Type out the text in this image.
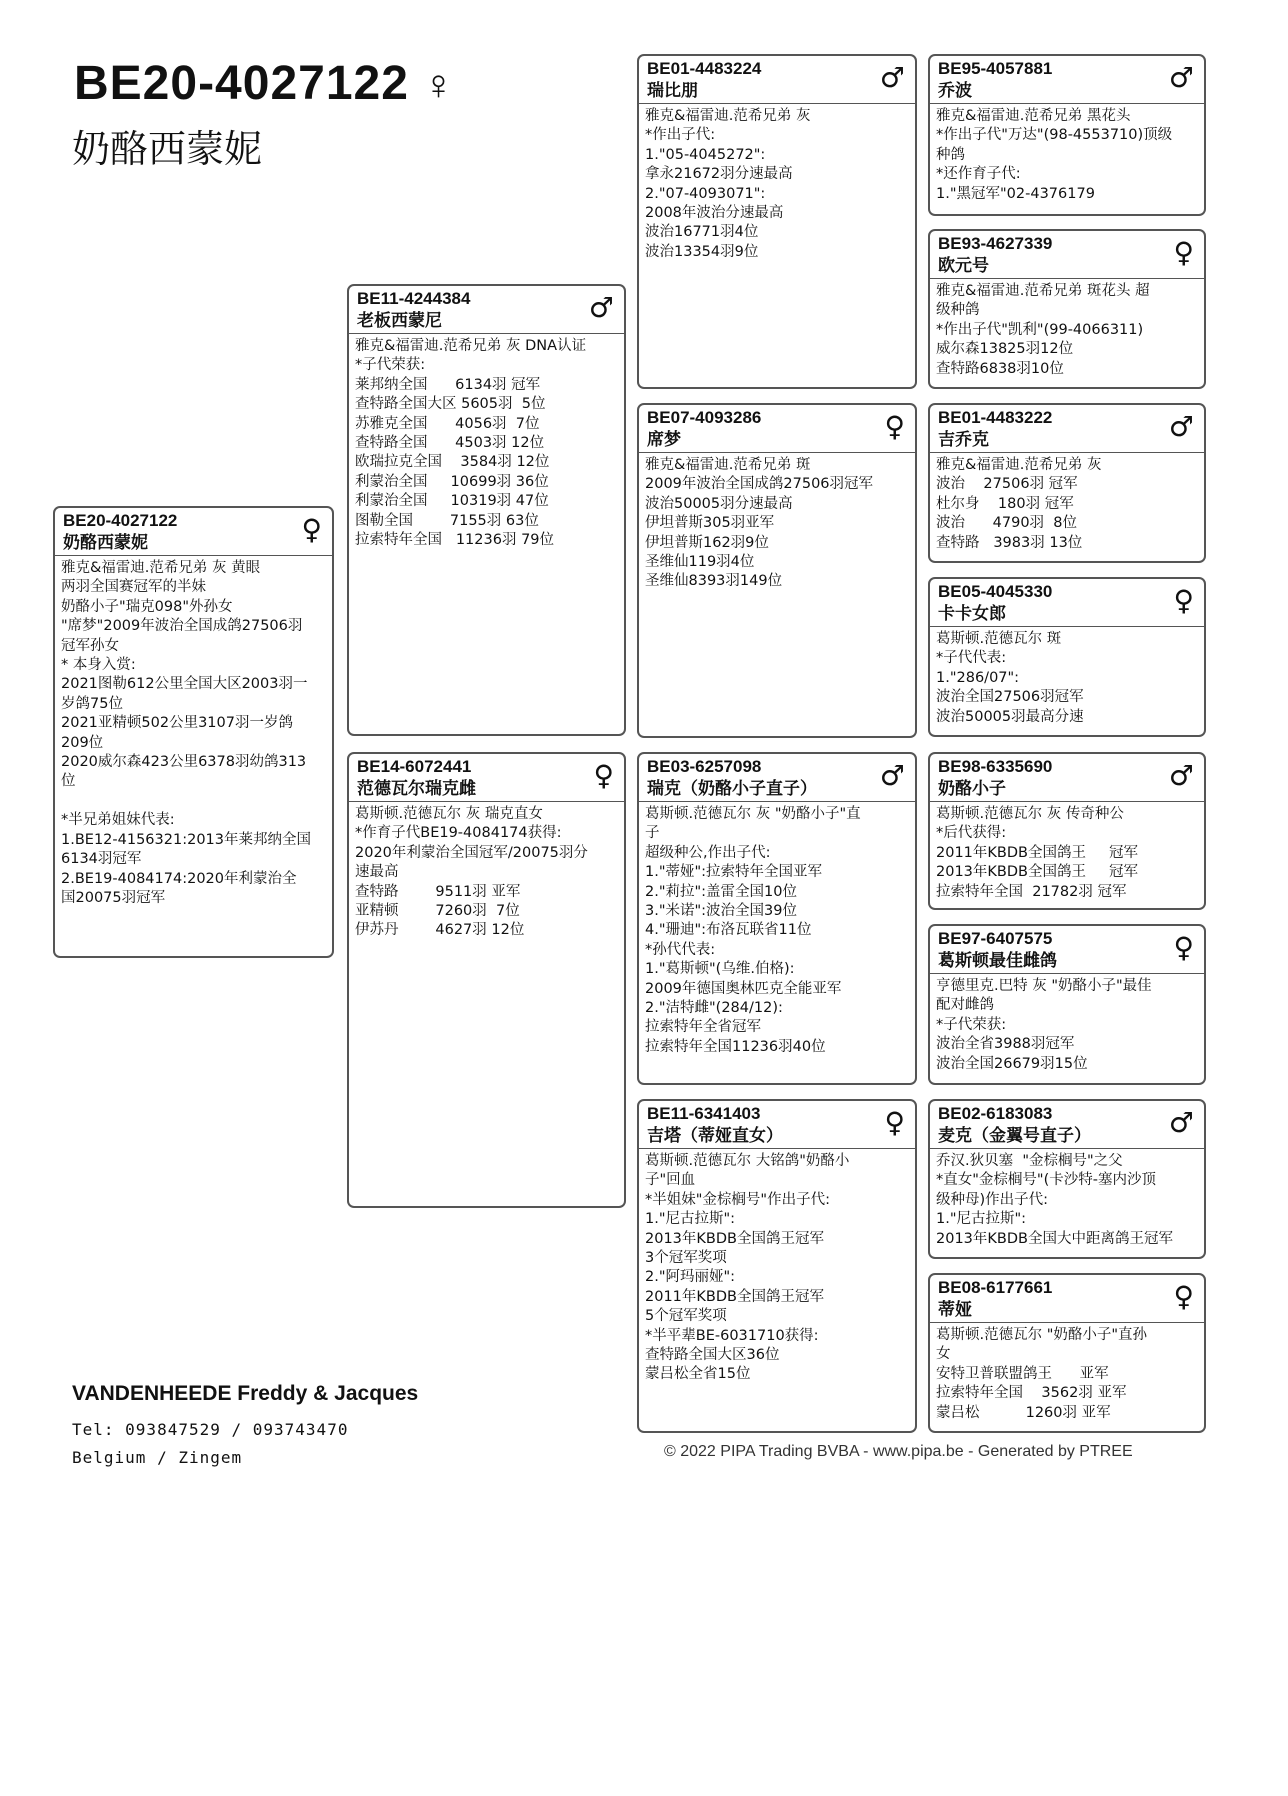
BE20-4027122 ♀
奶酪西蒙妮
BE20-4027122
奶酪西蒙妮	♀
雅克&福雷迪.范希兄弟 灰 黄眼
两羽全国赛冠军的半妹
奶酪小子"瑞克098"外孙女
"席梦"2009年波治全国成鸽27506羽
冠军孙女
* 本身入赏:
2021图勒612公里全国大区2003羽一
岁鸽75位
2021亚精顿502公里3107羽一岁鸽
209位
2020威尔森423公里6378羽幼鸽313
位

*半兄弟姐妹代表:
1.BE12-4156321:2013年莱邦纳全国
6134羽冠军
2.BE19-4084174:2020年利蒙治全
国20075羽冠军
BE11-4244384
老板西蒙尼	♂
雅克&福雷迪.范希兄弟 灰 DNA认证
*子代荣获:
莱邦纳全国      6134羽 冠军
查特路全国大区 5605羽  5位
苏雅克全国      4056羽  7位
查特路全国      4503羽 12位
欧瑞拉克全国    3584羽 12位
利蒙治全国     10699羽 36位
利蒙治全国     10319羽 47位
图勒全国        7155羽 63位
拉索特年全国   11236羽 79位
BE14-6072441
范德瓦尔瑞克雌	♀
葛斯顿.范德瓦尔 灰 瑞克直女
*作育子代BE19-4084174获得:
2020年利蒙治全国冠军/20075羽分
速最高
查特路        9511羽 亚军
亚精顿        7260羽  7位
伊苏丹        4627羽 12位
BE01-4483224
瑞比朋	♂
雅克&福雷迪.范希兄弟 灰
*作出子代:
1."05-4045272":
拿永21672羽分速最高
2."07-4093071":
2008年波治分速最高
波治16771羽4位
波治13354羽9位
BE07-4093286
席梦	♀
雅克&福雷迪.范希兄弟 斑
2009年波治全国成鸽27506羽冠军
波治50005羽分速最高
伊坦普斯305羽亚军
伊坦普斯162羽9位
圣维仙119羽4位
圣维仙8393羽149位
BE03-6257098
瑞克（奶酪小子直子）	♂
葛斯顿.范德瓦尔 灰 "奶酪小子"直
子
超级种公,作出子代:
1."蒂娅":拉索特年全国亚军
2."莉拉":盖雷全国10位
3."米诺":波治全国39位
4."珊迪":布洛瓦联省11位
*孙代代表:
1."葛斯顿"(乌维.伯格):
2009年德国奥林匹克全能亚军
2."洁特雌"(284/12):
拉索特年全省冠军
拉索特年全国11236羽40位
BE11-6341403
吉塔（蒂娅直女）	♀
葛斯顿.范德瓦尔 大铭鸽"奶酪小
子"回血
*半姐妹"金棕榈号"作出子代:
1."尼古拉斯":
2013年KBDB全国鸽王冠军
3个冠军奖项
2."阿玛丽娅":
2011年KBDB全国鸽王冠军
5个冠军奖项
*半平辈BE-6031710获得:
查特路全国大区36位
蒙吕松全省15位
BE95-4057881
乔波	♂
雅克&福雷迪.范希兄弟 黑花头
*作出子代"万达"(98-4553710)顶级
种鸽
*还作育子代:
1."黑冠军"02-4376179
BE93-4627339
欧元号	♀
雅克&福雷迪.范希兄弟 斑花头 超
级种鸽
*作出子代"凯利"(99-4066311)
威尔森13825羽12位
查特路6838羽10位
BE01-4483222
吉乔克	♂
雅克&福雷迪.范希兄弟 灰
波治    27506羽 冠军
杜尔身    180羽 冠军
波治      4790羽  8位
查特路   3983羽 13位
BE05-4045330
卡卡女郎	♀
葛斯顿.范德瓦尔 斑
*子代代表:
1."286/07":
波治全国27506羽冠军
波治50005羽最高分速
BE98-6335690
奶酪小子	♂
葛斯顿.范德瓦尔 灰 传奇种公
*后代获得:
2011年KBDB全国鸽王     冠军
2013年KBDB全国鸽王     冠军
拉索特年全国  21782羽 冠军
BE97-6407575
葛斯顿最佳雌鸽	♀
亨德里克.巴特 灰 "奶酪小子"最佳
配对雌鸽
*子代荣获:
波治全省3988羽冠军
波治全国26679羽15位
BE02-6183083
麦克（金翼号直子）	♂
乔汉.狄贝塞  "金棕榈号"之父
*直女"金棕榈号"(卡沙特-塞内沙顶
级种母)作出子代:
1."尼古拉斯":
2013年KBDB全国大中距离鸽王冠军
BE08-6177661
蒂娅	♀
葛斯顿.范德瓦尔 "奶酪小子"直孙
女
安特卫普联盟鸽王      亚军
拉索特年全国    3562羽 亚军
蒙吕松          1260羽 亚军
VANDENHEEDE Freddy & Jacques
Tel: 093847529 / 093743470
Belgium / Zingem	© 2022 PIPA Trading BVBA - www.pipa.be - Generated by PTREE
